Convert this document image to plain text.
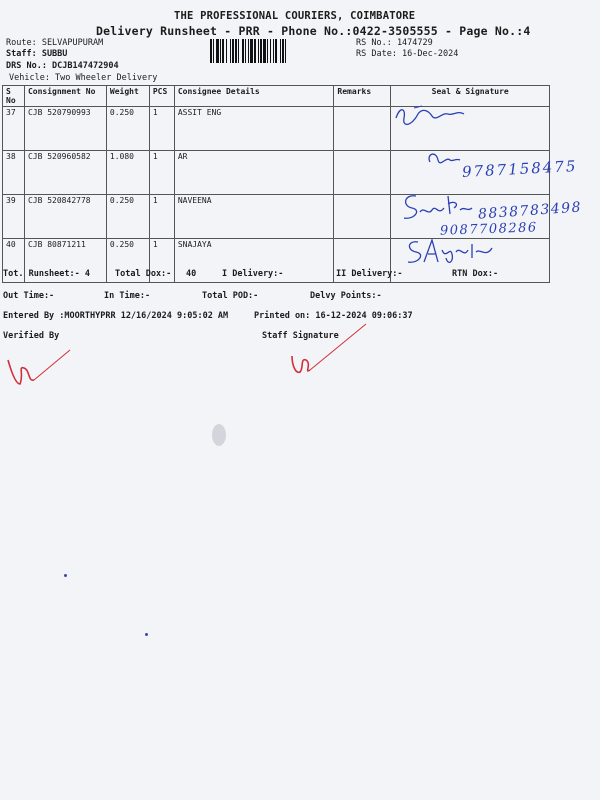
THE PROFESSIONAL COURIERS, COIMBATORE
Delivery Runsheet - PRR - Phone No.:0422-3505555 - Page No.:4
Route: SELVAPUPURAM
Staff: SUBBU
DRS No.: DCJB147472904
Vehicle: Two Wheeler Delivery
RS No.: 1474729
RS Date: 16-Dec-2024
S No	Consignment No	Weight	PCS	Consignee Details	Remarks	Seal & Signature
37	CJB 520790993	0.250	1	ASSIT ENG		
38	CJB 520960582	1.080	1	AR		
39	CJB 520842778	0.250	1	NAVEENA		
40	CJB 80871211	0.250	1	SNAJAYA		
9787158475
8838783498
9087708286
Tot. Runsheet:- 4	Total Dox:- 40	I Delivery:-	II Delivery:-	RTN Dox:-
Out Time:-	In Time:-	Total POD:-	Delvy Points:-
Entered By :MOORTHYPRR 12/16/2024 9:05:02 AM	Printed on: 16-12-2024 09:06:37
Verified By	Staff Signature
